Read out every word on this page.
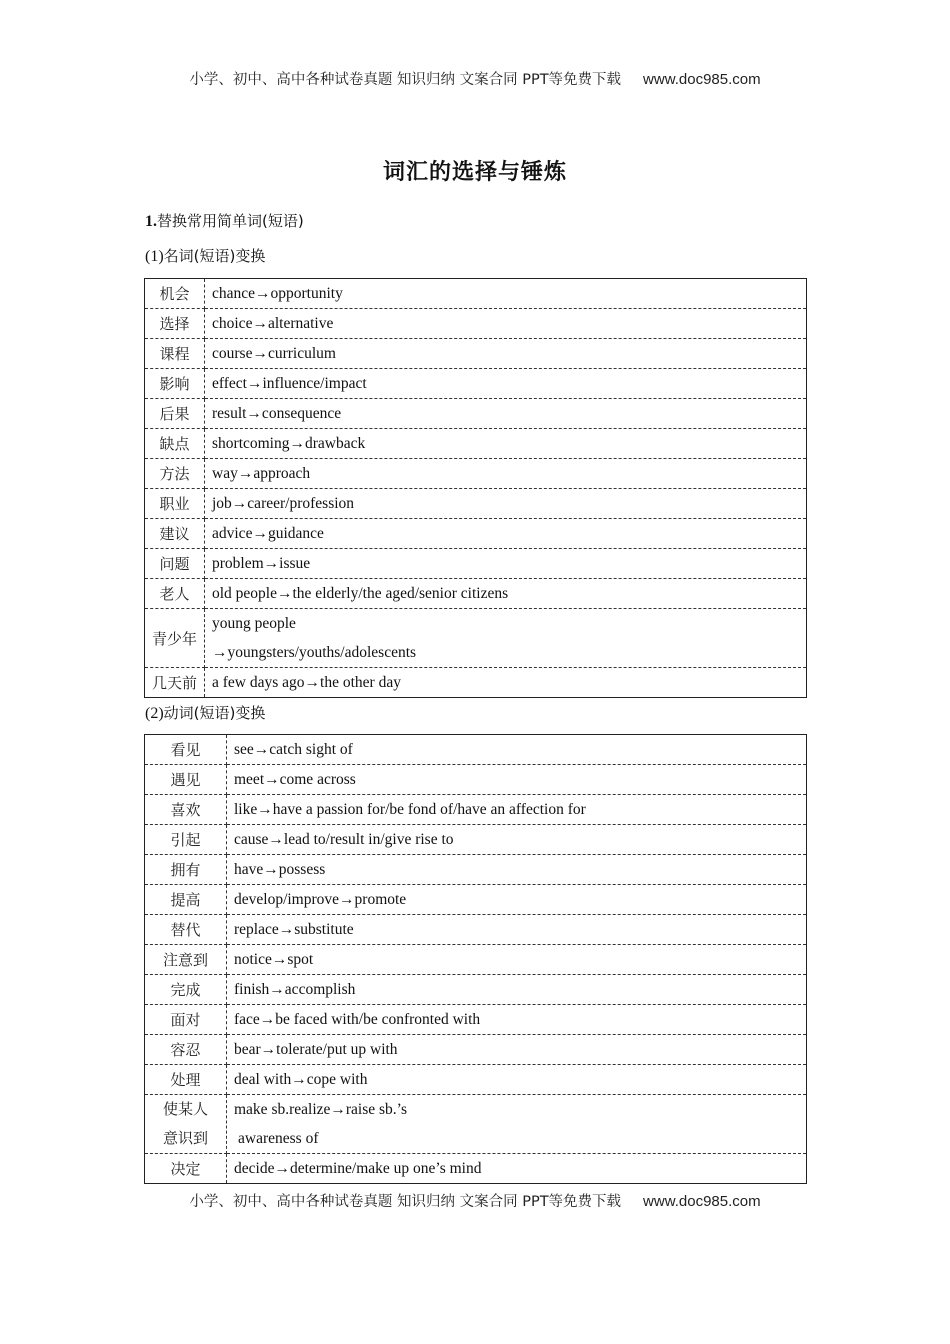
小学、初中、高中各种试卷真题 知识归纳 文案合同 PPT等免费下载 www.doc985.com
词汇的选择与锤炼
1.替换常用简单词(短语)
(1)名词(短语)变换
机会	chance→opportunity
选择	choice→alternative
课程	course→curriculum
影响	effect→influence/impact
后果	result→consequence
缺点	shortcoming→drawback
方法	way→approach
职业	job→career/profession
建议	advice→guidance
问题	problem→issue
老人	old people→the elderly/the aged/senior citizens
青少年	young people
→youngsters/youths/adolescents

几天前	a few days ago→the other day
(2)动词(短语)变换
看见	see→catch sight of
遇见	meet→come across
喜欢	like→have a passion for/be fond of/have an affection for
引起	cause→lead to/result in/give rise to
拥有	have→possess
提高	develop/improve→promote
替代	replace→substitute
注意到	notice→spot
完成	finish→accomplish
面对	face→be faced with/be confronted with
容忍	bear→tolerate/put up with
处理	deal with→cope with

使某人
意识到	make sb.realize→raise sb.’s
awareness of

决定	decide→determine/make up one’s mind
小学、初中、高中各种试卷真题 知识归纳 文案合同 PPT等免费下载 www.doc985.com
